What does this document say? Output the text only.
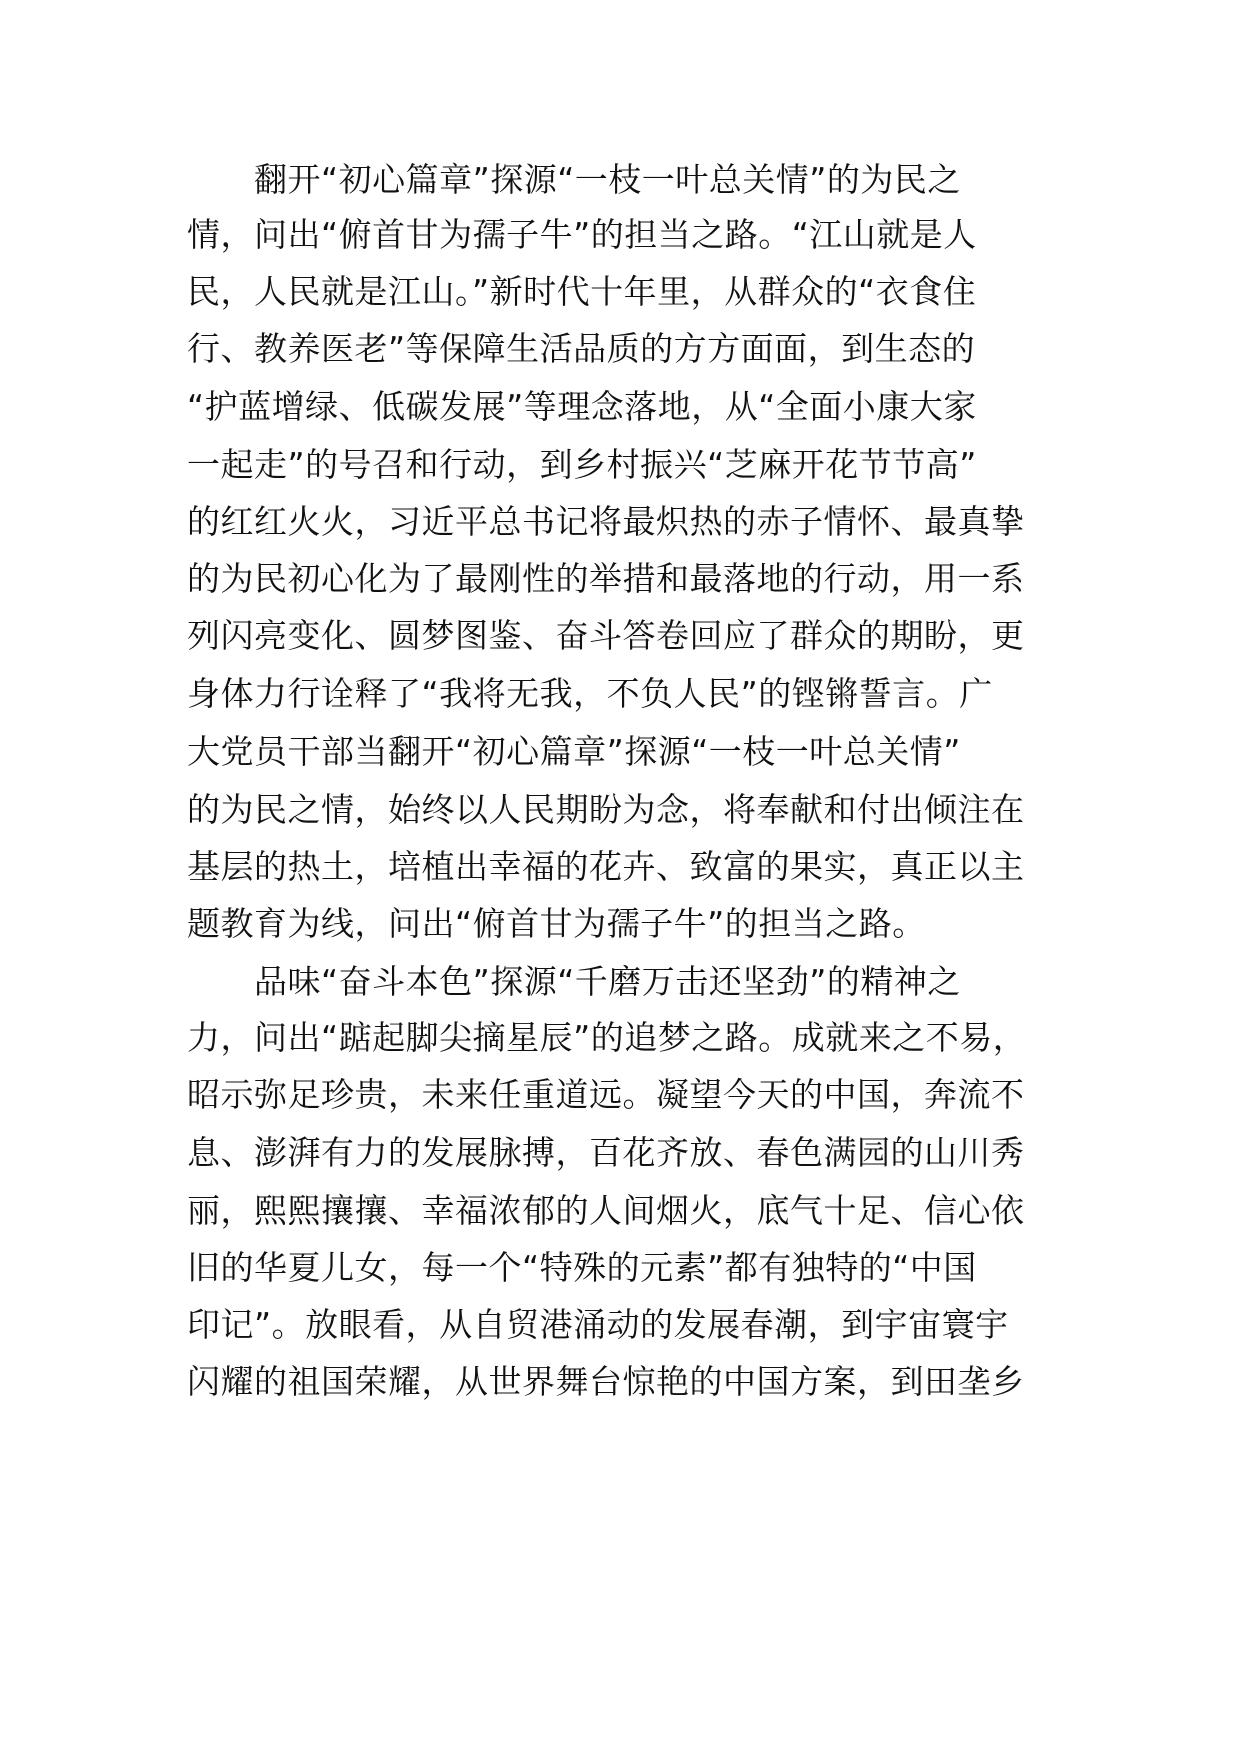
翻开“初心篇章”探源“一枝一叶总关情”的为民之
情，问出“俯首甘为孺子牛”的担当之路。“江山就是人
民，人民就是江山。”新时代十年里，从群众的“衣食住
行、教养医老”等保障生活品质的方方面面，到生态的
“护蓝增绿、低碳发展”等理念落地，从“全面小康大家
一起走”的号召和行动，到乡村振兴“芝麻开花节节高”
的红红火火，习近平总书记将最炽热的赤子情怀、最真挚
的为民初心化为了最刚性的举措和最落地的行动，用一系
列闪亮变化、圆梦图鉴、奋斗答卷回应了群众的期盼，更
身体力行诠释了“我将无我，不负人民”的铿锵誓言。广
大党员干部当翻开“初心篇章”探源“一枝一叶总关情”
的为民之情，始终以人民期盼为念，将奉献和付出倾注在
基层的热土，培植出幸福的花卉、致富的果实，真正以主
题教育为线，问出“俯首甘为孺子牛”的担当之路。
品味“奋斗本色”探源“千磨万击还坚劲”的精神之
力，问出“踮起脚尖摘星辰”的追梦之路。成就来之不易，
昭示弥足珍贵，未来任重道远。凝望今天的中国，奔流不
息、澎湃有力的发展脉搏，百花齐放、春色满园的山川秀
丽，熙熙攘攘、幸福浓郁的人间烟火，底气十足、信心依
旧的华夏儿女，每一个“特殊的元素”都有独特的“中国
印记”。放眼看，从自贸港涌动的发展春潮，到宇宙寰宇
闪耀的祖国荣耀，从世界舞台惊艳的中国方案，到田垄乡
